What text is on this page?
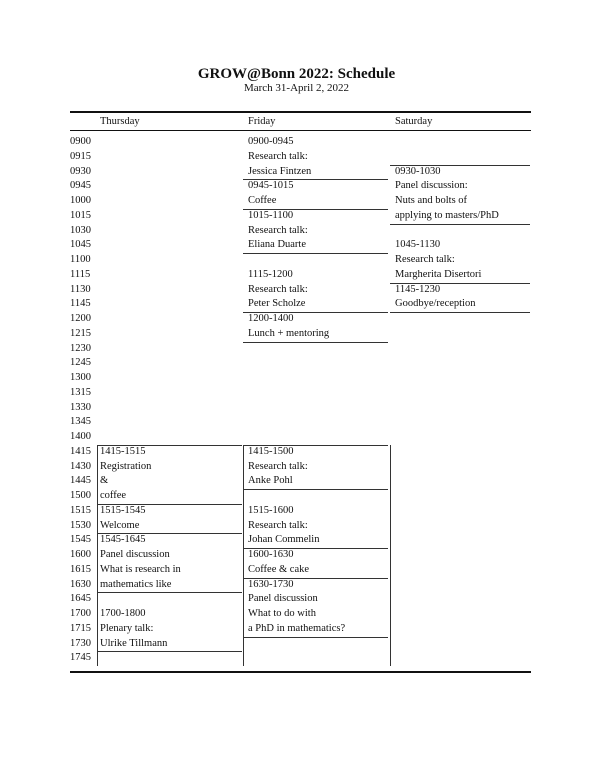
GROW@Bonn 2022: Schedule
March 31-April 2, 2022
Thursday	Friday	Saturday
0900
0915
0930
0945
1000
1015
1030
1045
1100
1115
1130
1145
1200
1215
1230
1245
1300
1315
1330
1345
1400
1415
1430
1445
1500
1515
1530
1545
1600
1615
1630
1645
1700
1715
1730
1745
1415-1515
Registration
&
coffee
1515-1545
Welcome
1545-1645
Panel discussion
What is research in
mathematics like
1700-1800
Plenary talk:
Ulrike Tillmann
0900-0945
Research talk:
Jessica Fintzen
0945-1015
Coffee
1015-1100
Research talk:
Eliana Duarte
1115-1200
Research talk:
Peter Scholze
1200-1400
Lunch + mentoring
1415-1500
Research talk:
Anke Pohl
1515-1600
Research talk:
Johan Commelin
1600-1630
Coffee & cake
1630-1730
Panel discussion
What to do with
a PhD in mathematics?
0930-1030
Panel discussion:
Nuts and bolts of
applying to masters/PhD
1045-1130
Research talk:
Margherita Disertori
1145-1230
Goodbye/reception
